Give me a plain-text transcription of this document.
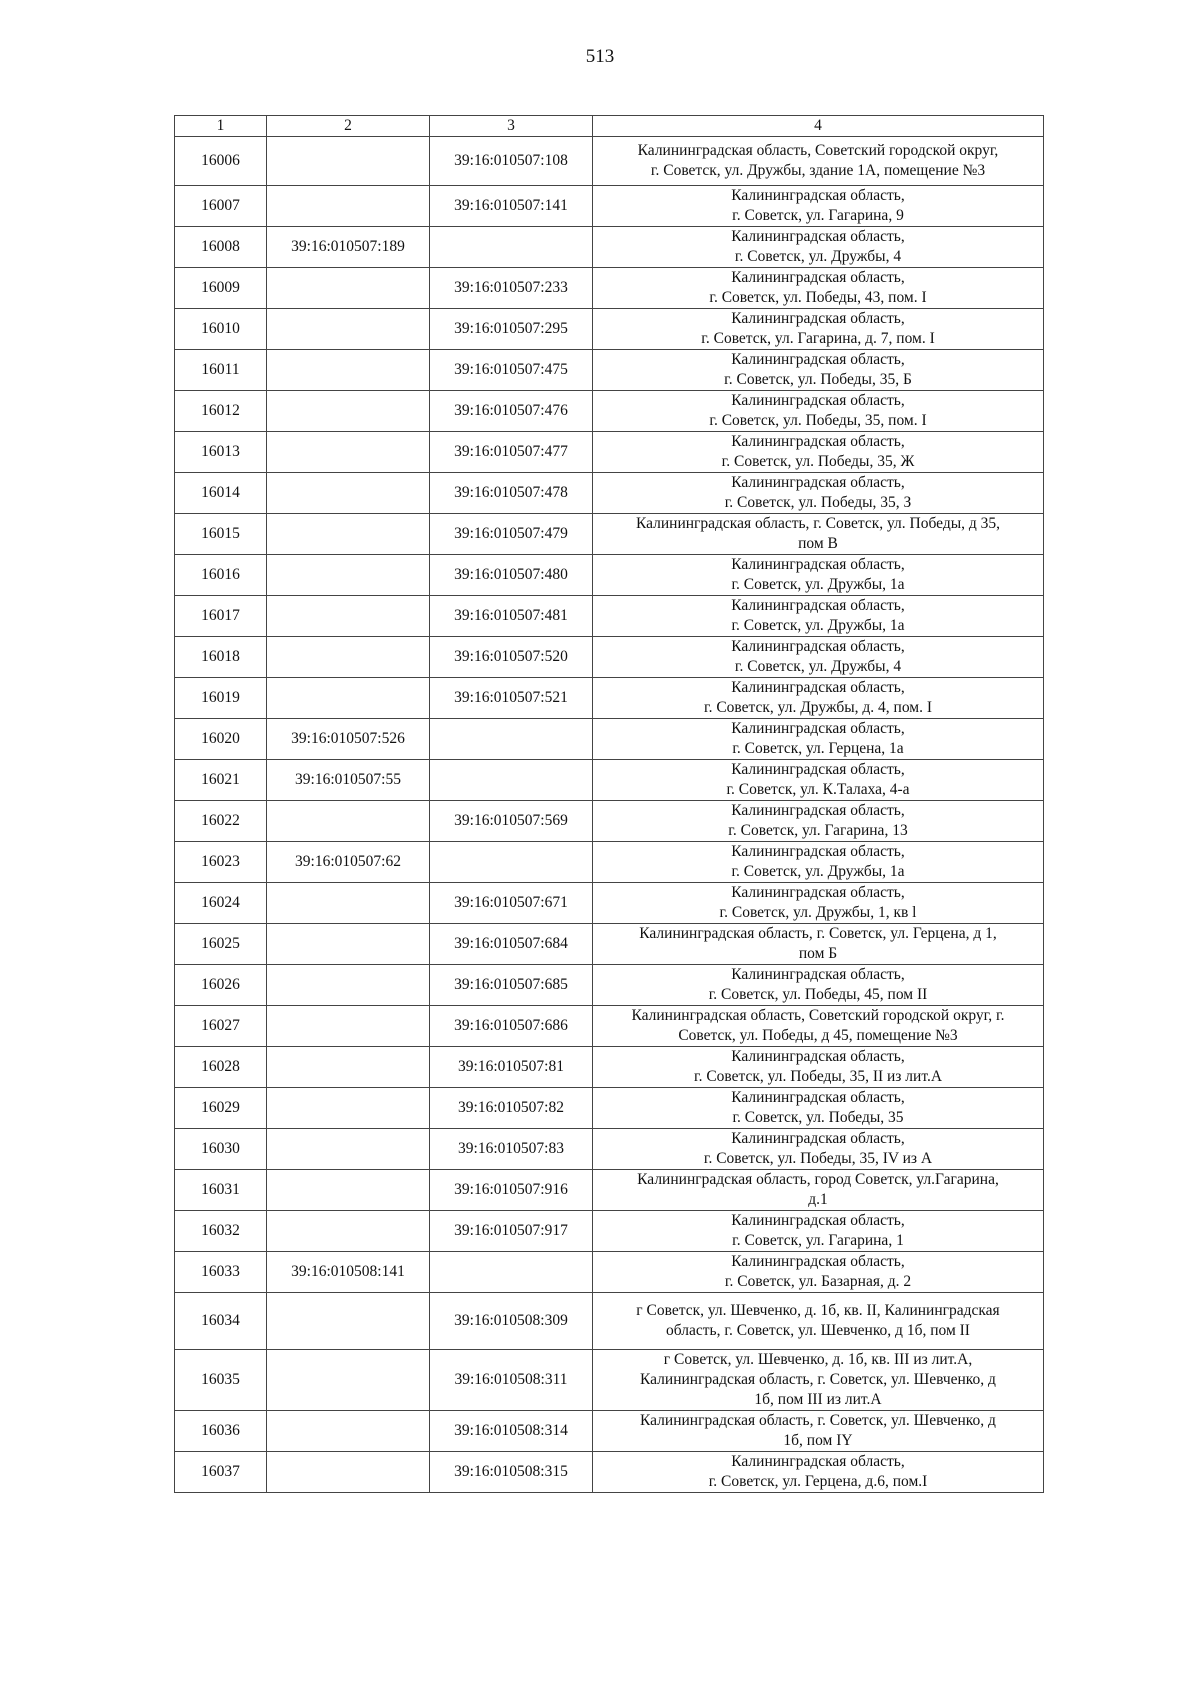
513
1	2	3	4
16006		39:16:010507:108	Калининградская область, Советский городской округ,
г. Советск, ул. Дружбы, здание 1А, помещение №3
16007		39:16:010507:141	Калининградская область,
г. Советск, ул. Гагарина, 9
16008	39:16:010507:189		Калининградская область,
г. Советск, ул. Дружбы, 4
16009		39:16:010507:233	Калининградская область,
г. Советск, ул. Победы, 43, пом. I
16010		39:16:010507:295	Калининградская область,
г. Советск, ул. Гагарина, д. 7, пом. I
16011		39:16:010507:475	Калининградская область,
г. Советск, ул. Победы, 35, Б
16012		39:16:010507:476	Калининградская область,
г. Советск, ул. Победы, 35, пом. I
16013		39:16:010507:477	Калининградская область,
г. Советск, ул. Победы, 35, Ж
16014		39:16:010507:478	Калининградская область,
г. Советск, ул. Победы, 35, З
16015		39:16:010507:479	Калининградская область, г. Советск, ул. Победы, д 35,
пом В
16016		39:16:010507:480	Калининградская область,
г. Советск, ул. Дружбы, 1а
16017		39:16:010507:481	Калининградская область,
г. Советск, ул. Дружбы, 1а
16018		39:16:010507:520	Калининградская область,
г. Советск, ул. Дружбы, 4
16019		39:16:010507:521	Калининградская область,
г. Советск, ул. Дружбы, д. 4, пом. I
16020	39:16:010507:526		Калининградская область,
г. Советск, ул. Герцена, 1а
16021	39:16:010507:55		Калининградская область,
г. Советск, ул. К.Талаха, 4-а
16022		39:16:010507:569	Калининградская область,
г. Советск, ул. Гагарина, 13
16023	39:16:010507:62		Калининградская область,
г. Советск, ул. Дружбы, 1а
16024		39:16:010507:671	Калининградская область,
г. Советск, ул. Дружбы, 1, кв l
16025		39:16:010507:684	Калининградская область, г. Советск, ул. Герцена, д 1,
пом Б
16026		39:16:010507:685	Калининградская область,
г. Советск, ул. Победы, 45, пом II
16027		39:16:010507:686	Калининградская область, Советский городской округ, г.
Советск, ул. Победы, д 45, помещение №3
16028		39:16:010507:81	Калининградская область,
г. Советск, ул. Победы, 35, II из лит.А
16029		39:16:010507:82	Калининградская область,
г. Советск, ул. Победы, 35
16030		39:16:010507:83	Калининградская область,
г. Советск, ул. Победы, 35, IV из А
16031		39:16:010507:916	Калининградская область, город Советск, ул.Гагарина,
д.1
16032		39:16:010507:917	Калининградская область,
г. Советск, ул. Гагарина, 1
16033	39:16:010508:141		Калининградская область,
г. Советск, ул. Базарная, д. 2
16034		39:16:010508:309	г Советск, ул. Шевченко, д. 1б, кв. II, Калининградская
область, г. Советск, ул. Шевченко, д 1б, пом II
16035		39:16:010508:311	г Советск, ул. Шевченко, д. 1б, кв. III из лит.А,
Калининградская область, г. Советск, ул. Шевченко, д
1б, пом III из лит.А
16036		39:16:010508:314	Калининградская область, г. Советск, ул. Шевченко, д
1б, пом IY
16037		39:16:010508:315	Калининградская область,
г. Советск, ул. Герцена, д.6, пом.I
